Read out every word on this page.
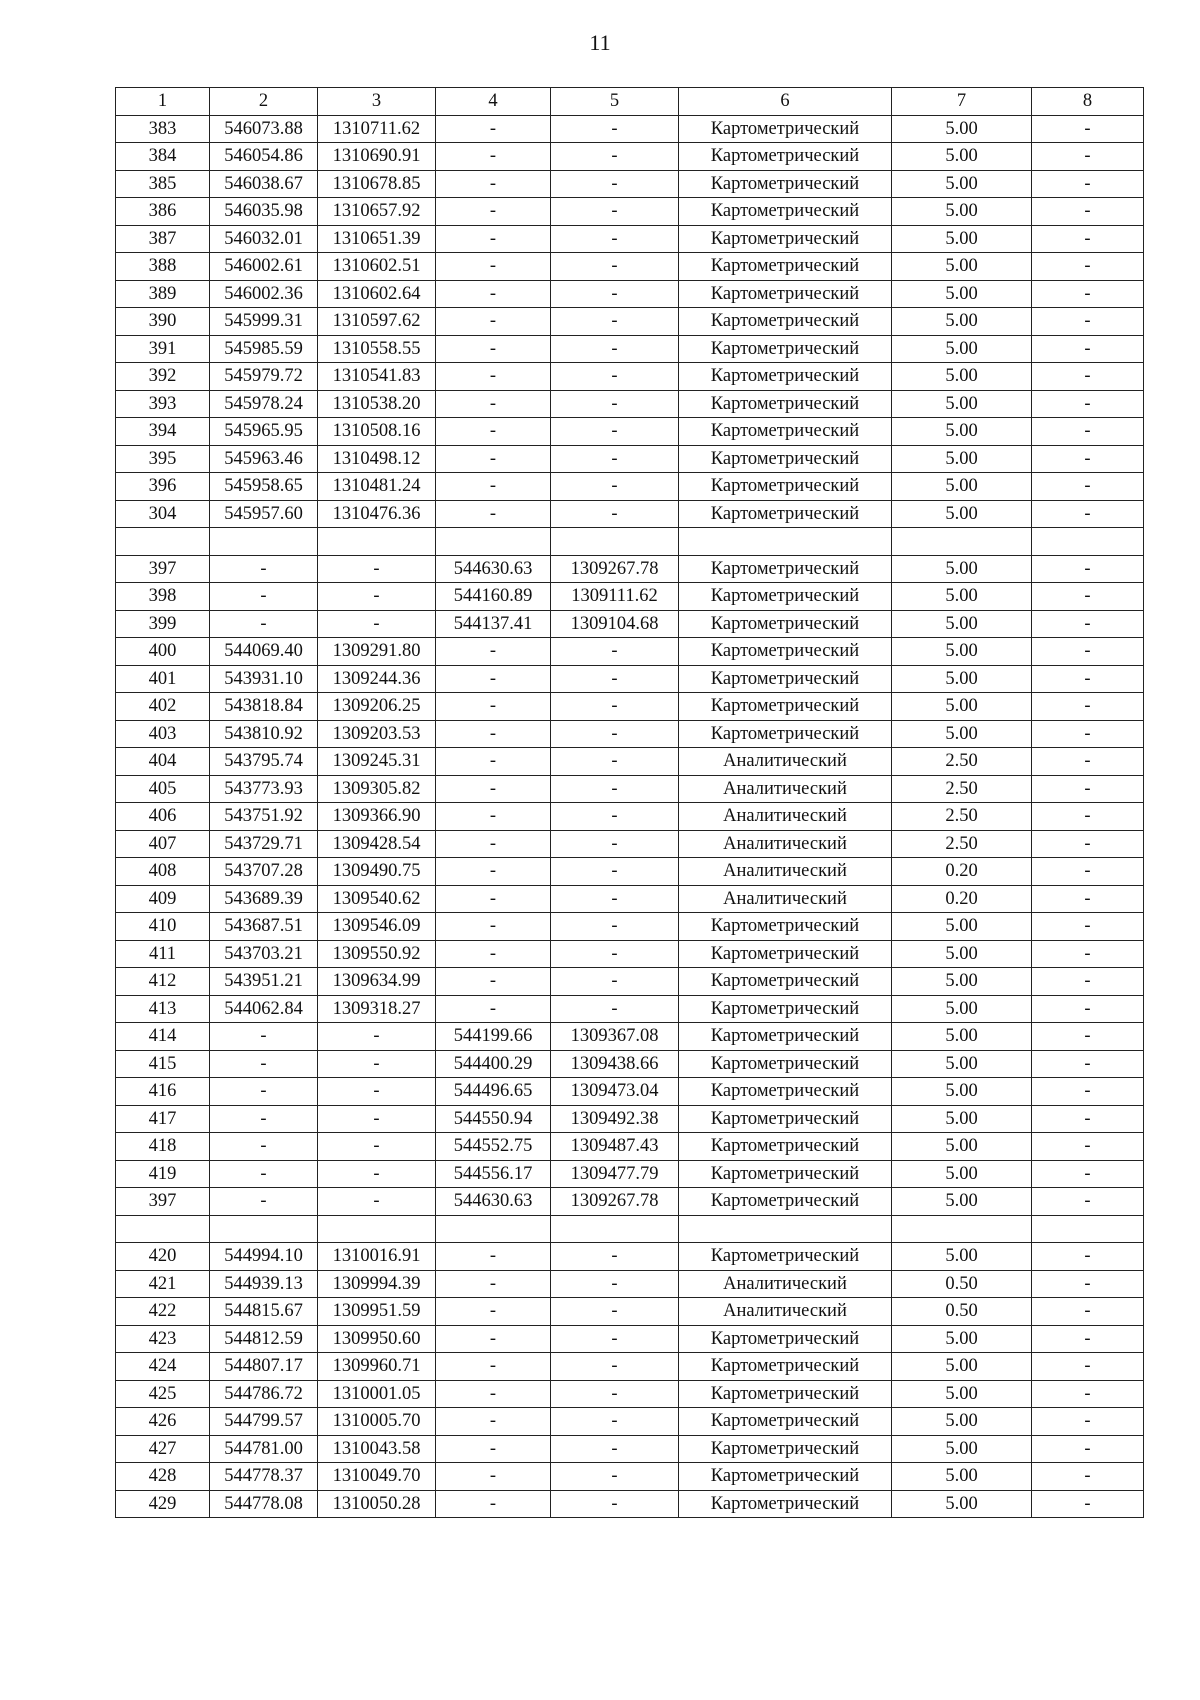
11
1	2	3	4	5	6	7	8
383	546073.88	1310711.62	-	-	Картометрический	5.00	-
384	546054.86	1310690.91	-	-	Картометрический	5.00	-
385	546038.67	1310678.85	-	-	Картометрический	5.00	-
386	546035.98	1310657.92	-	-	Картометрический	5.00	-
387	546032.01	1310651.39	-	-	Картометрический	5.00	-
388	546002.61	1310602.51	-	-	Картометрический	5.00	-
389	546002.36	1310602.64	-	-	Картометрический	5.00	-
390	545999.31	1310597.62	-	-	Картометрический	5.00	-
391	545985.59	1310558.55	-	-	Картометрический	5.00	-
392	545979.72	1310541.83	-	-	Картометрический	5.00	-
393	545978.24	1310538.20	-	-	Картометрический	5.00	-
394	545965.95	1310508.16	-	-	Картометрический	5.00	-
395	545963.46	1310498.12	-	-	Картометрический	5.00	-
396	545958.65	1310481.24	-	-	Картометрический	5.00	-
304	545957.60	1310476.36	-	-	Картометрический	5.00	-

397	-	-	544630.63	1309267.78	Картометрический	5.00	-
398	-	-	544160.89	1309111.62	Картометрический	5.00	-
399	-	-	544137.41	1309104.68	Картометрический	5.00	-
400	544069.40	1309291.80	-	-	Картометрический	5.00	-
401	543931.10	1309244.36	-	-	Картометрический	5.00	-
402	543818.84	1309206.25	-	-	Картометрический	5.00	-
403	543810.92	1309203.53	-	-	Картометрический	5.00	-
404	543795.74	1309245.31	-	-	Аналитический	2.50	-
405	543773.93	1309305.82	-	-	Аналитический	2.50	-
406	543751.92	1309366.90	-	-	Аналитический	2.50	-
407	543729.71	1309428.54	-	-	Аналитический	2.50	-
408	543707.28	1309490.75	-	-	Аналитический	0.20	-
409	543689.39	1309540.62	-	-	Аналитический	0.20	-
410	543687.51	1309546.09	-	-	Картометрический	5.00	-
411	543703.21	1309550.92	-	-	Картометрический	5.00	-
412	543951.21	1309634.99	-	-	Картометрический	5.00	-
413	544062.84	1309318.27	-	-	Картометрический	5.00	-
414	-	-	544199.66	1309367.08	Картометрический	5.00	-
415	-	-	544400.29	1309438.66	Картометрический	5.00	-
416	-	-	544496.65	1309473.04	Картометрический	5.00	-
417	-	-	544550.94	1309492.38	Картометрический	5.00	-
418	-	-	544552.75	1309487.43	Картометрический	5.00	-
419	-	-	544556.17	1309477.79	Картометрический	5.00	-
397	-	-	544630.63	1309267.78	Картометрический	5.00	-

420	544994.10	1310016.91	-	-	Картометрический	5.00	-
421	544939.13	1309994.39	-	-	Аналитический	0.50	-
422	544815.67	1309951.59	-	-	Аналитический	0.50	-
423	544812.59	1309950.60	-	-	Картометрический	5.00	-
424	544807.17	1309960.71	-	-	Картометрический	5.00	-
425	544786.72	1310001.05	-	-	Картометрический	5.00	-
426	544799.57	1310005.70	-	-	Картометрический	5.00	-
427	544781.00	1310043.58	-	-	Картометрический	5.00	-
428	544778.37	1310049.70	-	-	Картометрический	5.00	-
429	544778.08	1310050.28	-	-	Картометрический	5.00	-
